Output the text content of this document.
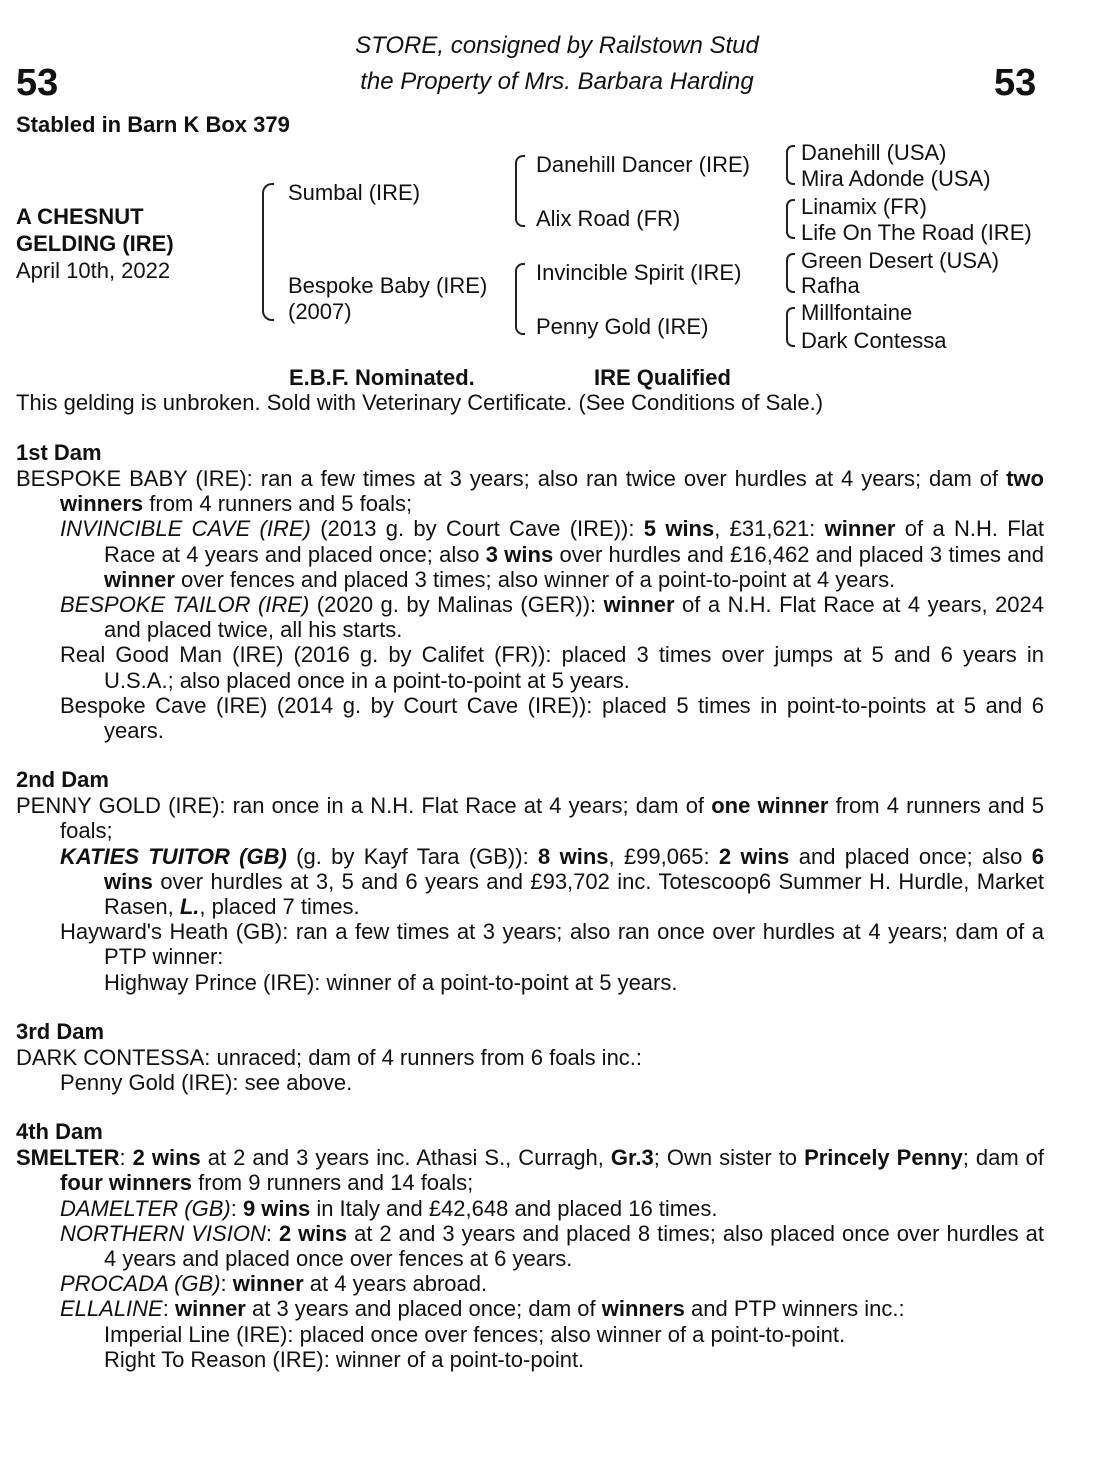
53	53
STORE, consigned by Railstown Stud
the Property of Mrs. Barbara Harding
Stabled in Barn K Box 379
A CHESNUT
GELDING (IRE)
April 10th, 2022
Sumbal (IRE)
Bespoke Baby (IRE)
(2007)
Danehill Dancer (IRE)
Alix Road (FR)
Invincible Spirit (IRE)
Penny Gold (IRE)
Danehill (USA)
Mira Adonde (USA)
Linamix (FR)
Life On The Road (IRE)
Green Desert (USA)
Rafha
Millfontaine
Dark Contessa
E.B.F. Nominated.	IRE Qualified
This gelding is unbroken. Sold with Veterinary Certificate. (See Conditions of Sale.)
1st Dam

BESPOKE BABY (IRE): ran a few times at 3 years; also ran twice over hurdles at 4 years; dam of two winners from 4 runners and 5 foals;

INVINCIBLE CAVE (IRE) (2013 g. by Court Cave (IRE)): 5 wins, £31,621: winner of a N.H. Flat Race at 4 years and placed once; also 3 wins over hurdles and £16,462 and placed 3 times and winner over fences and placed 3 times; also winner of a point-to-point at 4 years.

BESPOKE TAILOR (IRE) (2020 g. by Malinas (GER)): winner of a N.H. Flat Race at 4 years, 2024 and placed twice, all his starts.

Real Good Man (IRE) (2016 g. by Califet (FR)): placed 3 times over jumps at 5 and 6 years in U.S.A.; also placed once in a point-to-point at 5 years.

Bespoke Cave (IRE) (2014 g. by Court Cave (IRE)): placed 5 times in point-to-points at 5 and 6 years.

2nd Dam

PENNY GOLD (IRE): ran once in a N.H. Flat Race at 4 years; dam of one winner from 4 runners and 5 foals;

KATIES TUITOR (GB) (g. by Kayf Tara (GB)): 8 wins, £99,065: 2 wins and placed once; also 6 wins over hurdles at 3, 5 and 6 years and £93,702 inc. Totescoop6 Summer H. Hurdle, Market Rasen, L., placed 7 times.

Hayward's Heath (GB): ran a few times at 3 years; also ran once over hurdles at 4 years; dam of a PTP winner:

Highway Prince (IRE): winner of a point-to-point at 5 years.

3rd Dam

DARK CONTESSA: unraced; dam of 4 runners from 6 foals inc.:

Penny Gold (IRE): see above.

4th Dam

SMELTER: 2 wins at 2 and 3 years inc. Athasi S., Curragh, Gr.3; Own sister to Princely Penny; dam of four winners from 9 runners and 14 foals;

DAMELTER (GB): 9 wins in Italy and £42,648 and placed 16 times.

NORTHERN VISION: 2 wins at 2 and 3 years and placed 8 times; also placed once over hurdles at 4 years and placed once over fences at 6 years.

PROCADA (GB): winner at 4 years abroad.

ELLALINE: winner at 3 years and placed once; dam of winners and PTP winners inc.:

Imperial Line (IRE): placed once over fences; also winner of a point-to-point.

Right To Reason (IRE): winner of a point-to-point.
